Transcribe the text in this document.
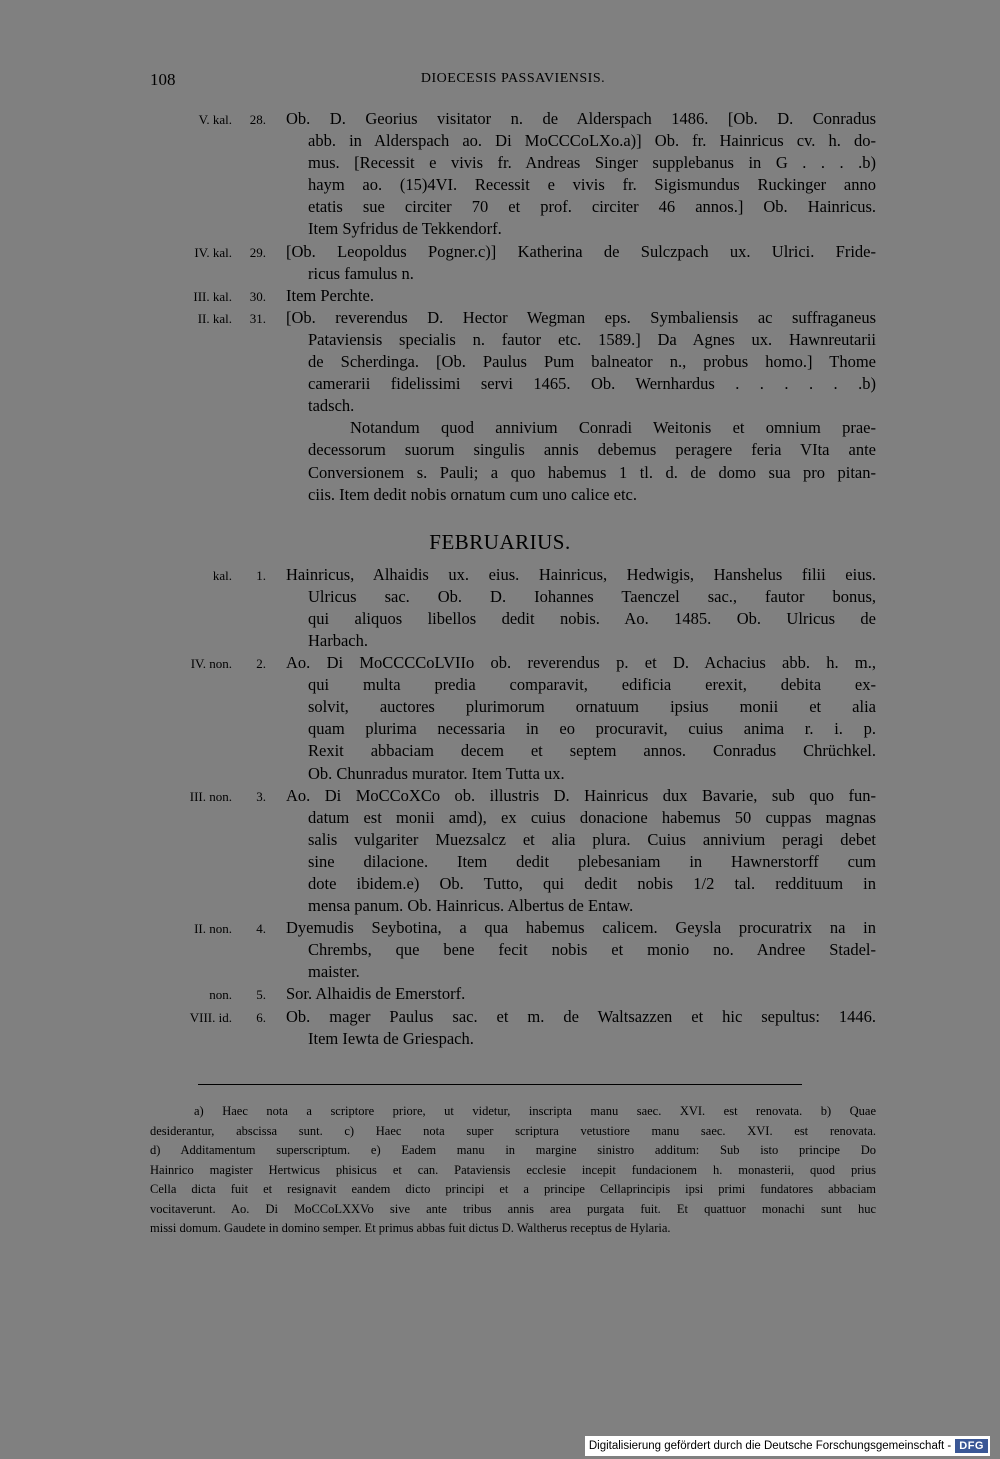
108	DIOECESIS PASSAVIENSIS.
V. kal.	28. Ob. D. Georius visitator n. de Alderspach 1486. [Ob. D. Conradus
abb. in Alderspach ao. Di MoCCCoLXo.a)] Ob. fr. Hainricus cv. h. do-
mus. [Recessit e vivis fr. Andreas Singer supplebanus in G . . . .b)
haym ao. (15)4VI. Recessit e vivis fr. Sigismundus Ruckinger anno
etatis sue circiter 70 et prof. circiter 46 annos.] Ob. Hainricus.
Item Syfridus de Tekkendorf.
IV. kal.	29. [Ob. Leopoldus Pogner.c)] Katherina de Sulczpach ux. Ulrici. Fride-
ricus famulus n.
III. kal.	30. Item Perchte.
II. kal.	31. [Ob. reverendus D. Hector Wegman eps. Symbaliensis ac suffraganeus
Pataviensis specialis n. fautor etc. 1589.] Da Agnes ux. Hawnreutarii
de Scherdinga. [Ob. Paulus Pum balneator n., probus homo.] Thome
camerarii fidelissimi servi 1465. Ob. Wernhardus . . . . . .b)
tadsch.
Notandum quod annivium Conradi Weitonis et omnium prae-
decessorum suorum singulis annis debemus peragere feria VIta ante
Conversionem s. Pauli; a quo habemus 1 tl. d. de domo sua pro pitan-
ciis. Item dedit nobis ornatum cum uno calice etc.
FEBRUARIUS.
kal.	1. Hainricus, Alhaidis ux. eius. Hainricus, Hedwigis, Hanshelus filii eius.
Ulricus sac. Ob. D. Iohannes Taenczel sac., fautor bonus,
qui aliquos libellos dedit nobis. Ao. 1485. Ob. Ulricus de
Harbach.
IV. non.	2. Ao. Di MoCCCCoLVIIo ob. reverendus p. et D. Achacius abb. h. m.,
qui multa predia comparavit, edificia erexit, debita ex-
solvit, auctores plurimorum ornatuum ipsius monii et alia
quam plurima necessaria in eo procuravit, cuius anima r. i. p.
Rexit abbaciam decem et septem annos. Conradus Chrüchkel.
Ob. Chunradus murator. Item Tutta ux.
III. non.	3. Ao. Di MoCCoXCo ob. illustris D. Hainricus dux Bavarie, sub quo fun-
datum est monii amd), ex cuius donacione habemus 50 cuppas magnas
salis vulgariter Muezsalcz et alia plura. Cuius annivium peragi debet
sine dilacione. Item dedit plebesaniam in Hawnerstorff cum
dote ibidem.e) Ob. Tutto, qui dedit nobis 1/2 tal. reddituum in
mensa panum. Ob. Hainricus. Albertus de Entaw.
II. non.	4. Dyemudis Seybotina, a qua habemus calicem. Geysla procuratrix na in
Chrembs, que bene fecit nobis et monio no. Andree Stadel-
maister.
non.	5. Sor. Alhaidis de Emerstorf.
VIII. id.	6. Ob. mager Paulus sac. et m. de Waltsazzen et hic sepultus: 1446.
Item Iewta de Griespach.
a) Haec nota a scriptore priore, ut videtur, inscripta manu saec. XVI. est renovata. b) Quae
desiderantur, abscissa sunt. c) Haec nota super scriptura vetustiore manu saec. XVI. est renovata.
d) Additamentum superscriptum. e) Eadem manu in margine sinistro additum: Sub isto principe Do
Hainrico magister Hertwicus phisicus et can. Pataviensis ecclesie incepit fundacionem h. monasterii, quod prius
Cella dicta fuit et resignavit eandem dicto principi et a principe Cellaprincipis ipsi primi fundatores abbaciam
vocitaverunt. Ao. Di MoCCoLXXVo sive ante tribus annis area purgata fuit. Et quattuor monachi sunt huc
missi domum. Gaudete in domino semper. Et primus abbas fuit dictus D. Waltherus receptus de Hylaria.
Digitalisierung gefördert durch die Deutsche Forschungsgemeinschaft - DFG
